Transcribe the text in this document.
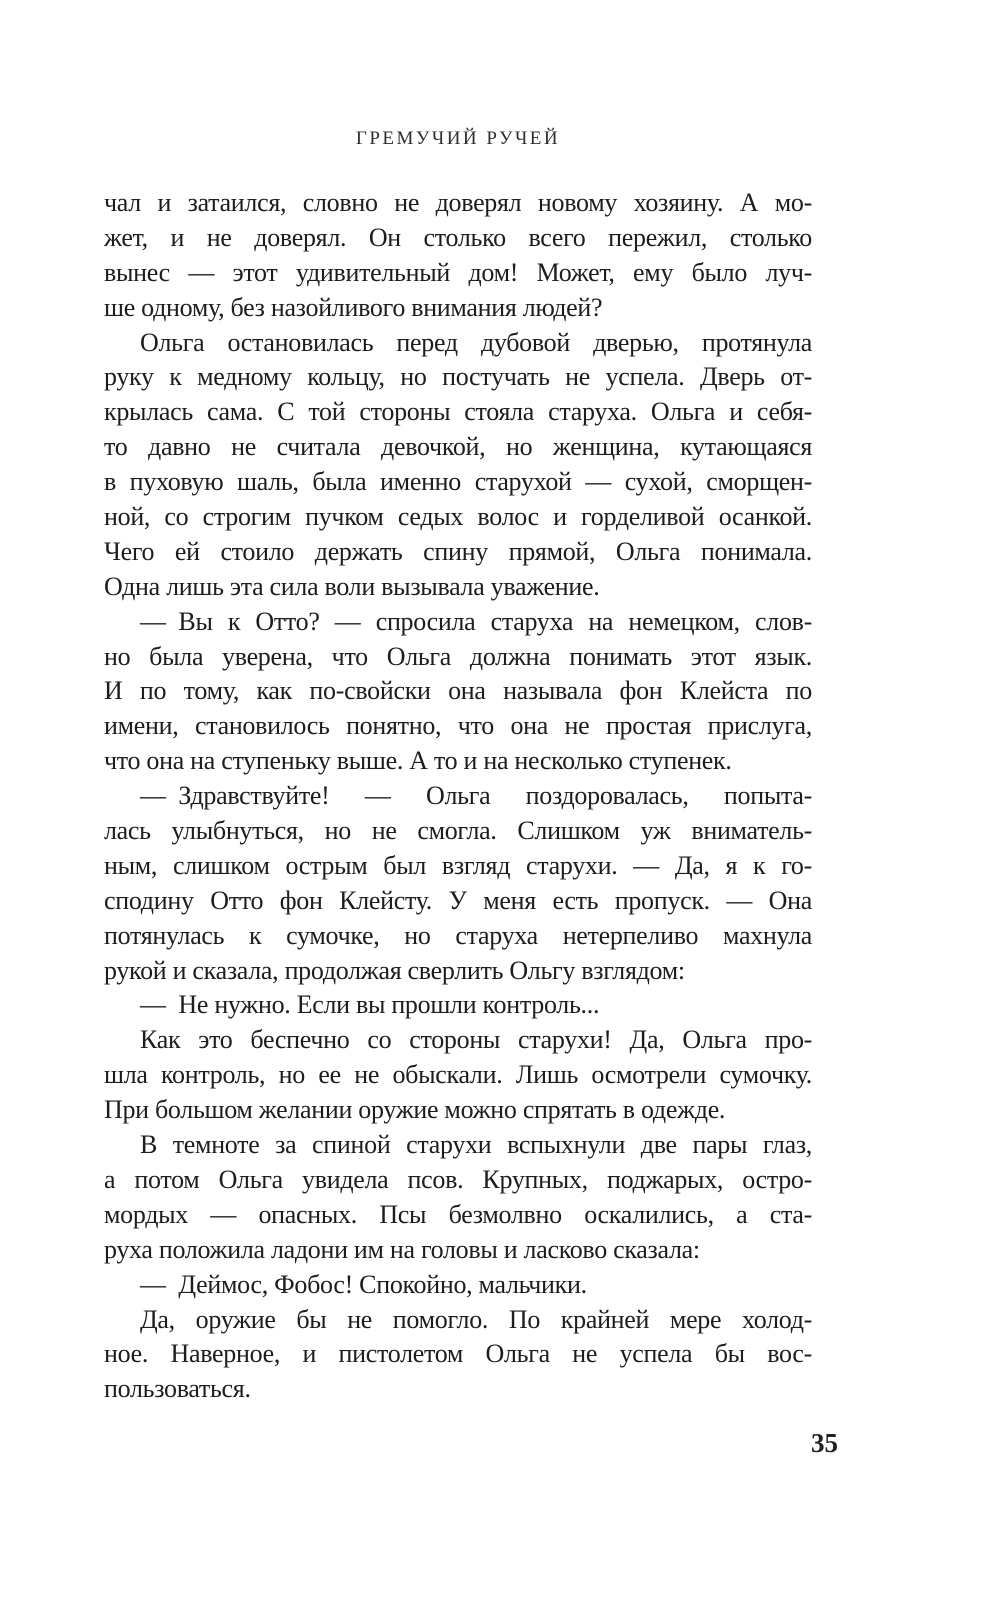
ГРЕМУЧИЙ РУЧЕЙ
чал и затаился, словно не доверял новому хозяину. А мо-
жет, и не доверял. Он столько всего пережил, столько
вынес — этот удивительный дом! Может, ему было луч-
ше одному, без назойливого внимания людей?
Ольга остановилась перед дубовой дверью, протянула
руку к медному кольцу, но постучать не успела. Дверь от-
крылась сама. С той стороны стояла старуха. Ольга и себя-
то давно не считала девочкой, но женщина, кутающаяся
в пуховую шаль, была именно старухой — сухой, сморщен-
ной, со строгим пучком седых волос и горделивой осанкой.
Чего ей стоило держать спину прямой, Ольга понимала.
Одна лишь эта сила воли вызывала уважение.
— Вы к Отто? — спросила старуха на немецком, слов-
но была уверена, что Ольга должна понимать этот язык.
И по тому, как по-свойски она называла фон Клейста по
имени, становилось понятно, что она не простая прислуга,
что она на ступеньку выше. А то и на несколько ступенек.
— Здравствуйте! — Ольга поздоровалась, попыта-
лась улыбнуться, но не смогла. Слишком уж вниматель-
ным, слишком острым был взгляд старухи. — Да, я к го-
сподину Отто фон Клейсту. У меня есть пропуск. — Она
потянулась к сумочке, но старуха нетерпеливо махнула
рукой и сказала, продолжая сверлить Ольгу взглядом:
— Не нужно. Если вы прошли контроль...
Как это беспечно со стороны старухи! Да, Ольга про-
шла контроль, но ее не обыскали. Лишь осмотрели сумочку.
При большом желании оружие можно спрятать в одежде.
В темноте за спиной старухи вспыхнули две пары глаз,
а потом Ольга увидела псов. Крупных, поджарых, остро-
мордых — опасных. Псы безмолвно оскалились, а ста-
руха положила ладони им на головы и ласково сказала:
— Деймос, Фобос! Спокойно, мальчики.
Да, оружие бы не помогло. По крайней мере холод-
ное. Наверное, и пистолетом Ольга не успела бы вос-
пользоваться.
35
